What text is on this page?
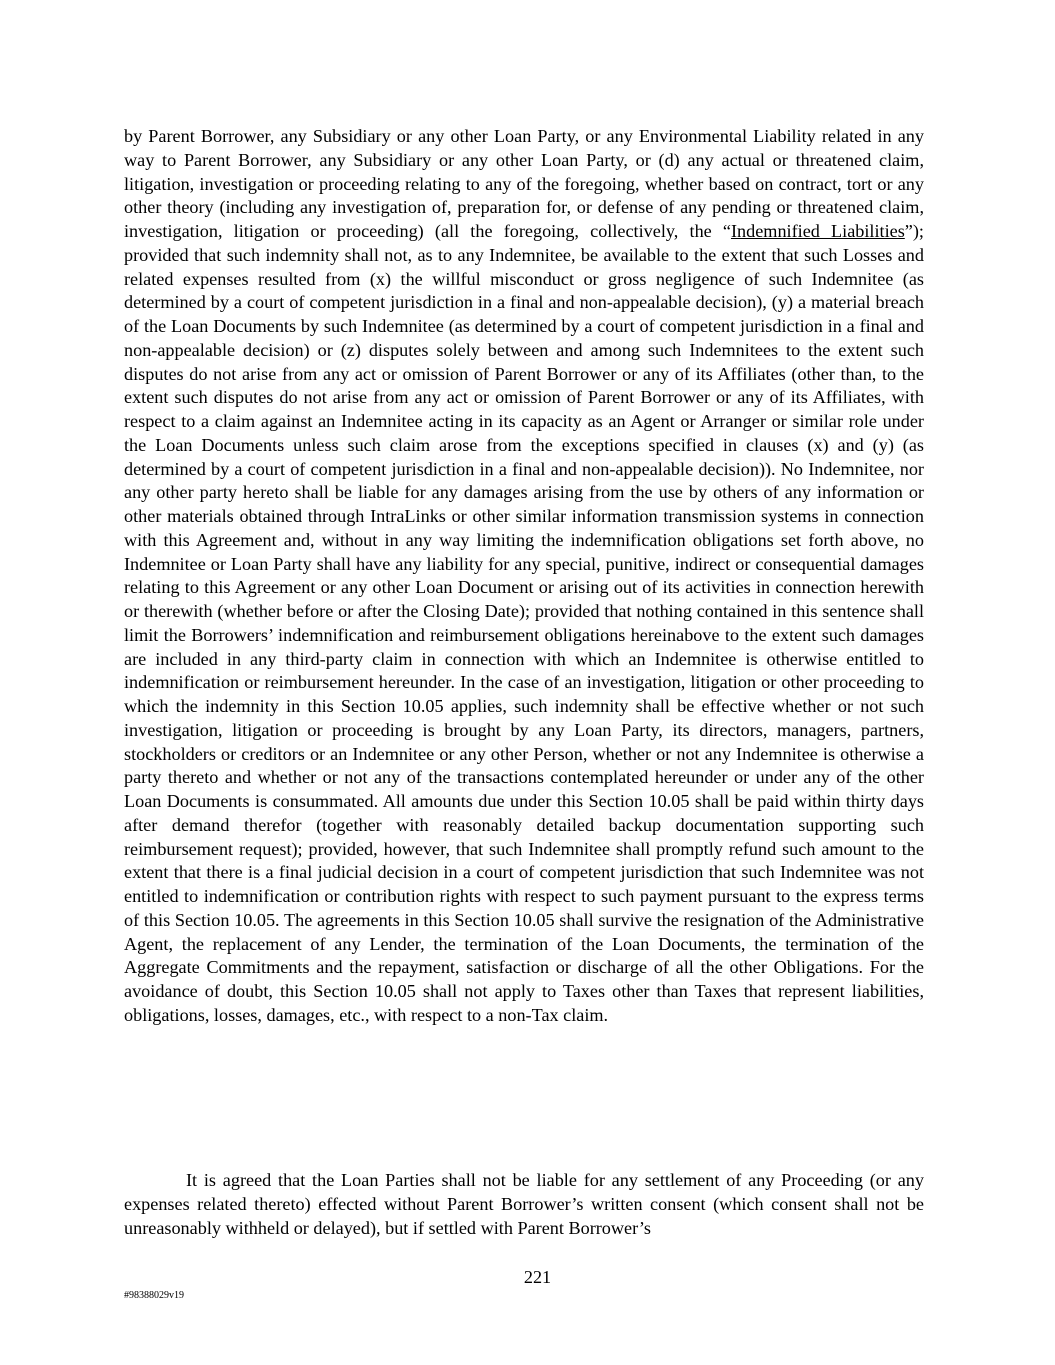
by Parent Borrower, any Subsidiary or any other Loan Party, or any Environmental Liability related in any way to Parent Borrower, any Subsidiary or any other Loan Party, or (d) any actual or threatened claim, litigation, investigation or proceeding relating to any of the foregoing, whether based on contract, tort or any other theory (including any investigation of, preparation for, or defense of any pending or threatened claim, investigation, litigation or proceeding) (all the foregoing, collectively, the “Indemnified Liabilities”); provided that such indemnity shall not, as to any Indemnitee, be available to the extent that such Losses and related expenses resulted from (x) the willful misconduct or gross negligence of such Indemnitee (as determined by a court of competent jurisdiction in a final and non-appealable decision), (y) a material breach of the Loan Documents by such Indemnitee (as determined by a court of competent jurisdiction in a final and non-appealable decision) or (z) disputes solely between and among such Indemnitees to the extent such disputes do not arise from any act or omission of Parent Borrower or any of its Affiliates (other than, to the extent such disputes do not arise from any act or omission of Parent Borrower or any of its Affiliates, with respect to a claim against an Indemnitee acting in its capacity as an Agent or Arranger or similar role under the Loan Documents unless such claim arose from the exceptions specified in clauses (x) and (y) (as determined by a court of competent jurisdiction in a final and non-appealable decision)). No Indemnitee, nor any other party hereto shall be liable for any damages arising from the use by others of any information or other materials obtained through IntraLinks or other similar information transmission systems in connection with this Agreement and, without in any way limiting the indemnification obligations set forth above, no Indemnitee or Loan Party shall have any liability for any special, punitive, indirect or consequential damages relating to this Agreement or any other Loan Document or arising out of its activities in connection herewith or therewith (whether before or after the Closing Date); provided that nothing contained in this sentence shall limit the Borrowers’ indemnification and reimbursement obligations hereinabove to the extent such damages are included in any third-party claim in connection with which an Indemnitee is otherwise entitled to indemnification or reimbursement hereunder. In the case of an investigation, litigation or other proceeding to which the indemnity in this Section 10.05 applies, such indemnity shall be effective whether or not such investigation, litigation or proceeding is brought by any Loan Party, its directors, managers, partners, stockholders or creditors or an Indemnitee or any other Person, whether or not any Indemnitee is otherwise a party thereto and whether or not any of the transactions contemplated hereunder or under any of the other Loan Documents is consummated. All amounts due under this Section 10.05 shall be paid within thirty days after demand therefor (together with reasonably detailed backup documentation supporting such reimbursement request); provided, however, that such Indemnitee shall promptly refund such amount to the extent that there is a final judicial decision in a court of competent jurisdiction that such Indemnitee was not entitled to indemnification or contribution rights with respect to such payment pursuant to the express terms of this Section 10.05. The agreements in this Section 10.05 shall survive the resignation of the Administrative Agent, the replacement of any Lender, the termination of the Loan Documents, the termination of the Aggregate Commitments and the repayment, satisfaction or discharge of all the other Obligations. For the avoidance of doubt, this Section 10.05 shall not apply to Taxes other than Taxes that represent liabilities, obligations, losses, damages, etc., with respect to a non-Tax claim.

It is agreed that the Loan Parties shall not be liable for any settlement of any Proceeding (or any expenses related thereto) effected without Parent Borrower’s written consent (which consent shall not be unreasonably withheld or delayed), but if settled with Parent Borrower’s

221
#98388029v19
